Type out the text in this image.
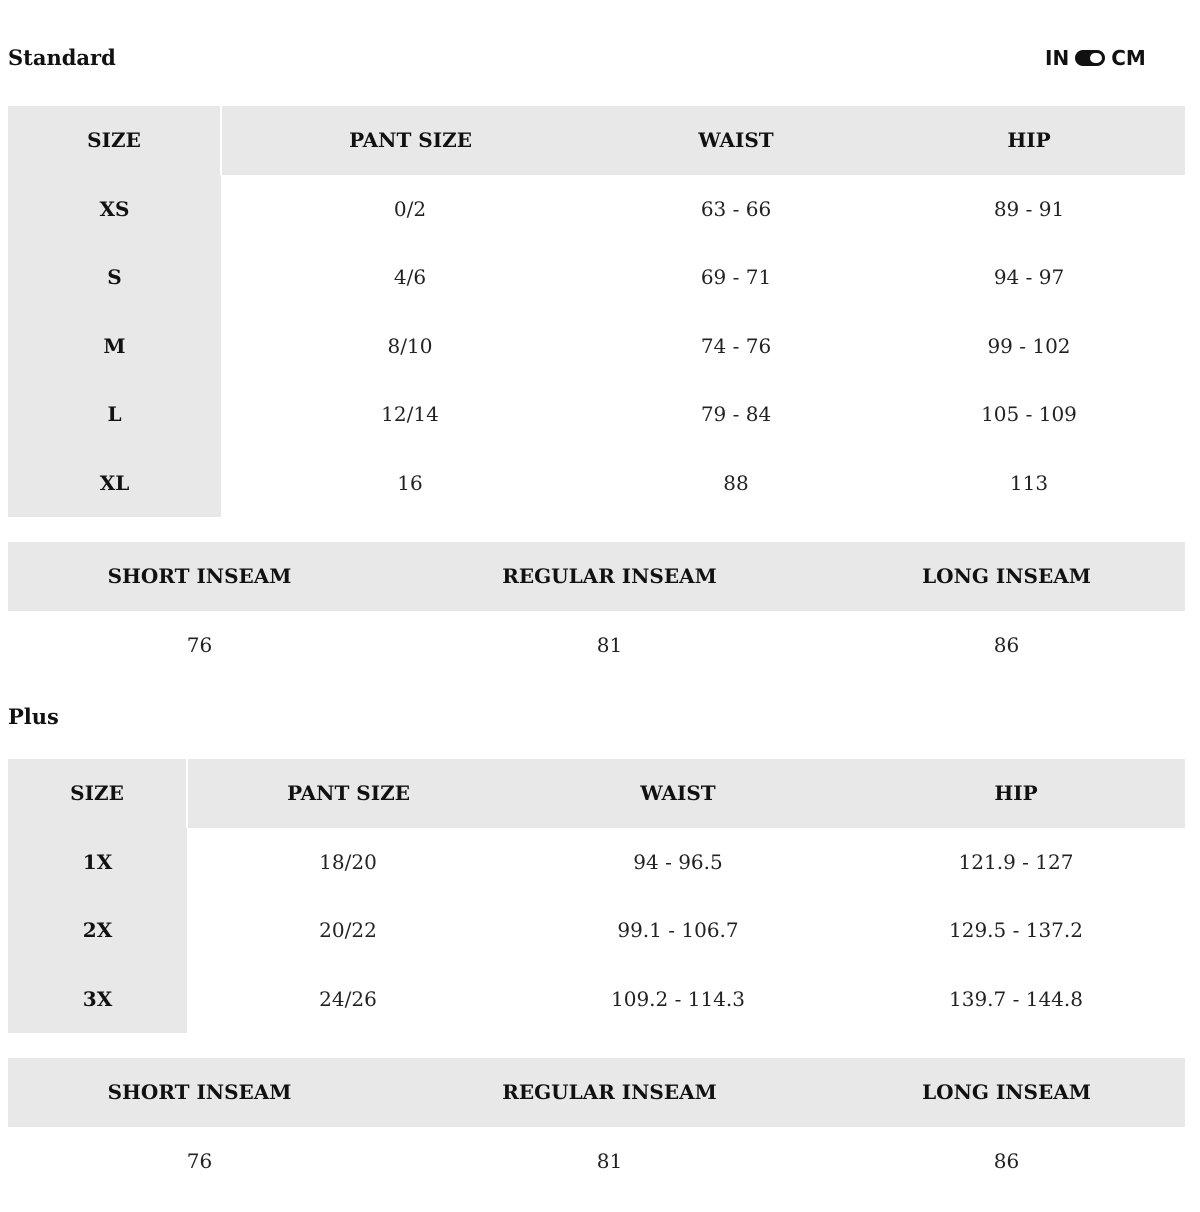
Standard	IN CM
SIZE	PANT SIZE	WAIST	HIP
XS	0/2	63 - 66	89 - 91
S	4/6	69 - 71	94 - 97
M	8/10	74 - 76	99 - 102
L	12/14	79 - 84	105 - 109
XL	16	88	113
SHORT INSEAM	REGULAR INSEAM	LONG INSEAM
76	81	86
Plus
SIZE	PANT SIZE	WAIST	HIP
1X	18/20	94 - 96.5	121.9 - 127
2X	20/22	99.1 - 106.7	129.5 - 137.2
3X	24/26	109.2 - 114.3	139.7 - 144.8
SHORT INSEAM	REGULAR INSEAM	LONG INSEAM
76	81	86
